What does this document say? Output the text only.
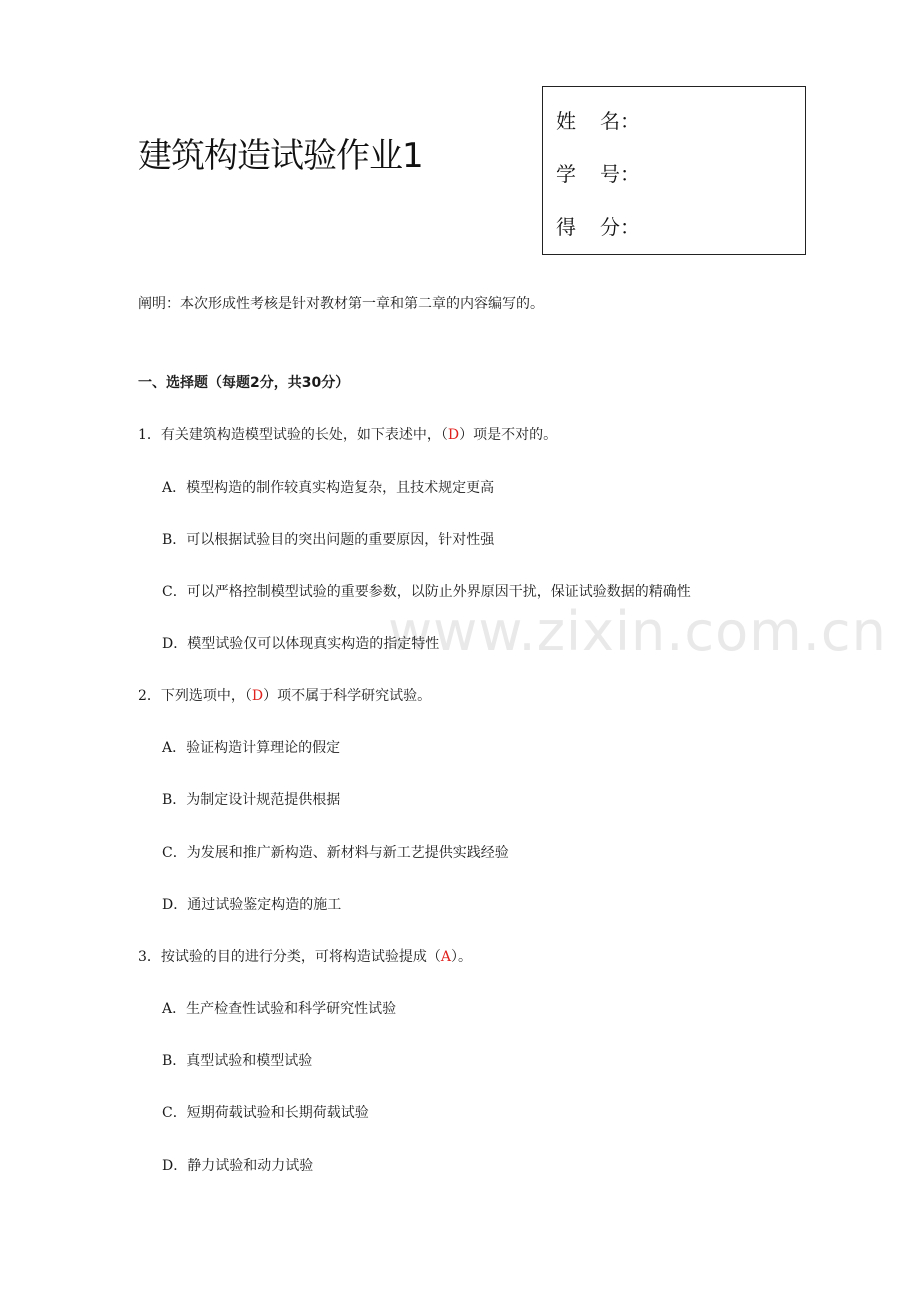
www.zixin.com.cn
建筑构造试验作业1
姓 名：
学 号：
得 分：
阐明：本次形成性考核是针对教材第一章和第二章的内容编写的。
一、选择题（每题2分，共30分）
1．有关建筑构造模型试验的长处，如下表述中，（D）项是不对的。
A．模型构造的制作较真实构造复杂，且技术规定更高
B．可以根据试验目的突出问题的重要原因，针对性强
C．可以严格控制模型试验的重要参数，以防止外界原因干扰，保证试验数据的精确性
D．模型试验仅可以体现真实构造的指定特性
2．下列选项中，（D）项不属于科学研究试验。
A．验证构造计算理论的假定
B．为制定设计规范提供根据
C．为发展和推广新构造、新材料与新工艺提供实践经验
D．通过试验鉴定构造的施工
3．按试验的目的进行分类，可将构造试验提成（A）。
A．生产检查性试验和科学研究性试验
B．真型试验和模型试验
C．短期荷载试验和长期荷载试验
D．静力试验和动力试验
